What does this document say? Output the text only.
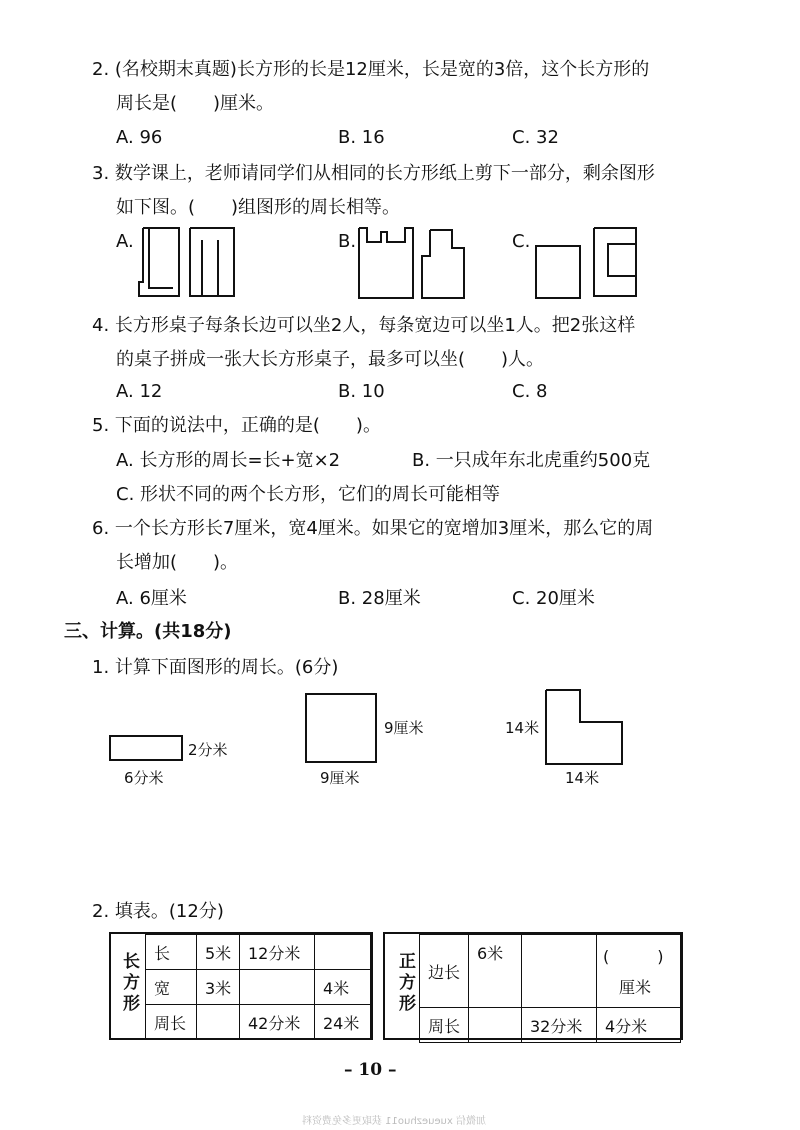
2. (名校期末真题)长方形的长是12厘米，长是宽的3倍，这个长方形的
周长是(　　)厘米。
A. 96	B. 16	C. 32
3. 数学课上，老师请同学们从相同的长方形纸上剪下一部分，剩余图形
如下图。(　　)组图形的周长相等。
A.	B.	C.
4. 长方形桌子每条长边可以坐2人，每条宽边可以坐1人。把2张这样
的桌子拼成一张大长方形桌子，最多可以坐(　　)人。
A. 12	B. 10	C. 8
5. 下面的说法中，正确的是(　　)。
A. 长方形的周长=长+宽×2	B. 一只成年东北虎重约500克
C. 形状不同的两个长方形，它们的周长可能相等
6. 一个长方形长7厘米，宽4厘米。如果它的宽增加3厘米，那么它的周
长增加(　　)。
A. 6厘米	B. 28厘米	C. 20厘米
三、计算。(共18分)
1. 计算下面图形的周长。(6分)
2分米
6分米
9厘米
9厘米
14米
14米
2. 填表。(12分)
长方形 长	5米	12分米	

宽	3米		4米

周长		42分米	24米
正方形 边长	6米		(　　　)
厘米

周长		32分米	4分米
– 10 –
加微信 xueuezhuo11 获取更多免费资料
